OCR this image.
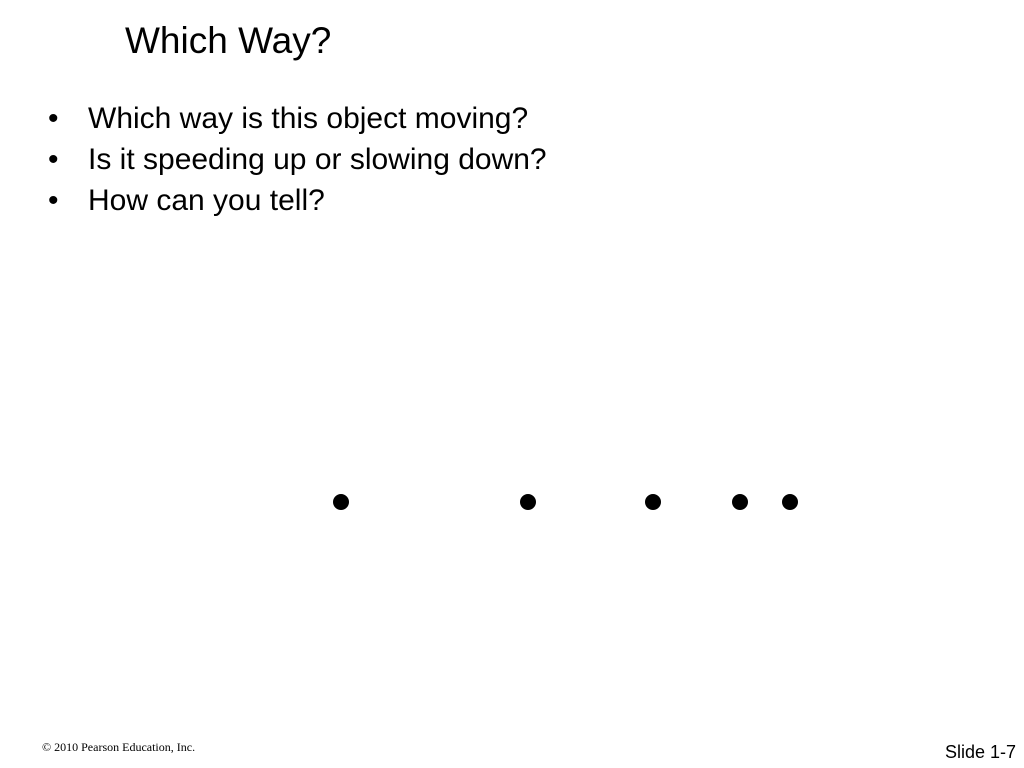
Which Way?
• Which way is this object moving?
• Is it speeding up or slowing down?
• How can you tell?
© 2010 Pearson Education, Inc.	Slide 1-7
